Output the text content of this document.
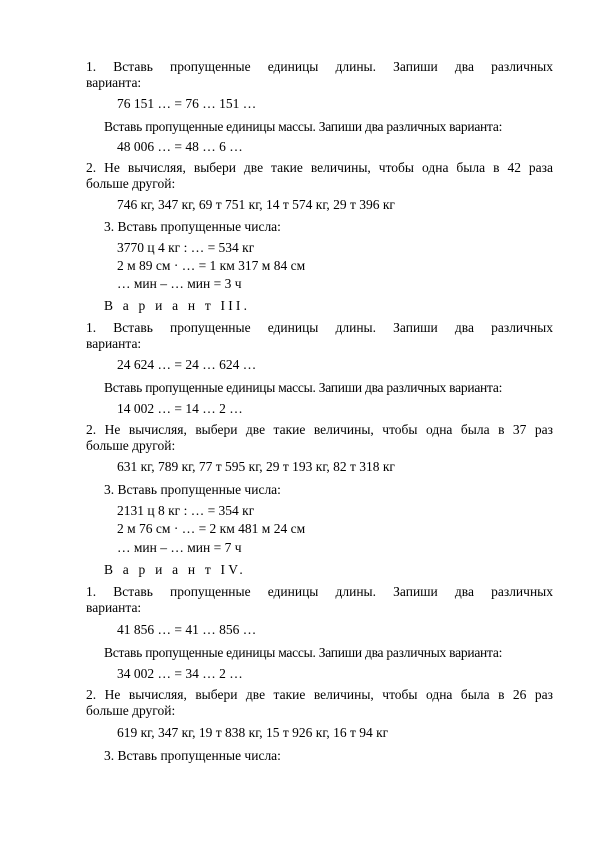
1. Вставь пропущенные единицы длины. Запиши два различных
варианта:
76 151 … = 76 … 151 …
Вставь пропущенные единицы массы. Запиши два различных варианта:
48 006 … = 48 … 6 …
2. Не вычисляя, выбери две такие величины, чтобы одна была в 42 раза
больше другой:
746 кг, 347 кг, 69 т 751 кг, 14 т 574 кг, 29 т 396 кг
3. Вставь пропущенные числа:
3770 ц 4 кг : … = 534 кг
2 м 89 см · … = 1 км 317 м 84 см
… мин – … мин = 3 ч
В а р и а н т III.
1. Вставь пропущенные единицы длины. Запиши два различных
варианта:
24 624 … = 24 … 624 …
Вставь пропущенные единицы массы. Запиши два различных варианта:
14 002 … = 14 … 2 …
2. Не вычисляя, выбери две такие величины, чтобы одна была в 37 раз
больше другой:
631 кг, 789 кг, 77 т 595 кг, 29 т 193 кг, 82 т 318 кг
3. Вставь пропущенные числа:
2131 ц 8 кг : … = 354 кг
2 м 76 см · … = 2 км 481 м 24 см
… мин – … мин = 7 ч
В а р и а н т IV.
1. Вставь пропущенные единицы длины. Запиши два различных
варианта:
41 856 … = 41 … 856 …
Вставь пропущенные единицы массы. Запиши два различных варианта:
34 002 … = 34 … 2 …
2. Не вычисляя, выбери две такие величины, чтобы одна была в 26 раз
больше другой:
619 кг, 347 кг, 19 т 838 кг, 15 т 926 кг, 16 т 94 кг
3. Вставь пропущенные числа:
